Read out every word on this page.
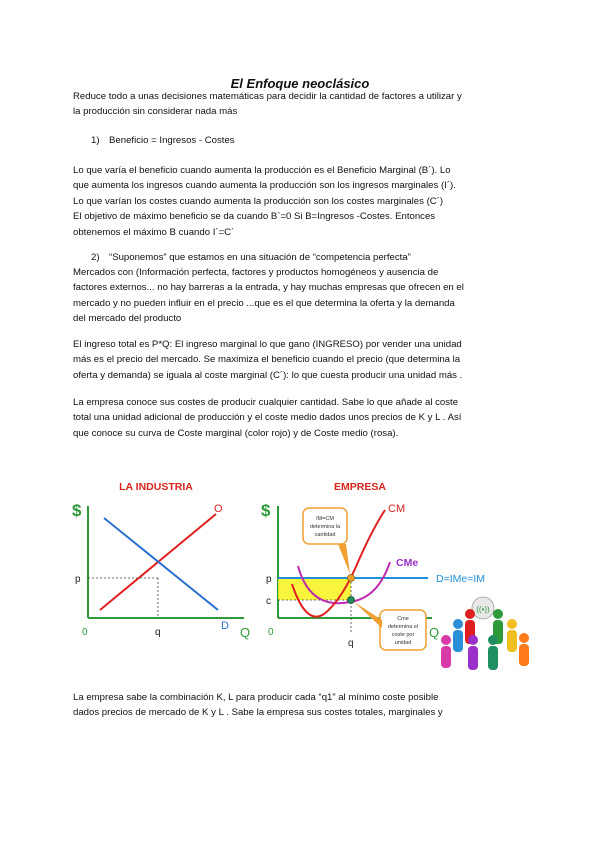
El Enfoque neoclásico

Reduce todo a unas decisiones matemáticas para decidir la cantidad de factores a utilizar y
la producción sin considerar nada más

1) Beneficio = Ingresos - Costes

Lo que varía el beneficio cuando aumenta la producción es el Beneficio Marginal (B´). Lo
que aumenta los ingresos cuando aumenta la producción son los ingresos marginales (I´).
Lo que varían los costes cuando aumenta la producción son los costes marginales (C´)
El objetivo de máximo beneficio se da cuando B`=0 Si B=Ingresos -Costes. Entonces
obtenemos el máximo B cuando I´=C´

2) “Suponemos” que estamos en una situación de “competencia perfecta”

Mercados con (Información perfecta, factores y productos homogéneos y ausencia de
factores externos... no hay barreras a la entrada, y hay muchas empresas que ofrecen en el
mercado y no pueden influir en el precio ...que es el que determina la oferta y la demanda
del mercado del producto

El ingreso total es P*Q: El ingreso marginal lo que gano (INGRESO) por vender una unidad
más es el precio del mercado. Se maximiza el beneficio cuando el precio (que determina la
oferta y demanda) se iguala al coste marginal (C´): lo que cuesta producir una unidad más .

La empresa conoce sus costes de producir cualquier cantidad. Sabe lo que añade al coste
total una unidad adicional de producción y el coste medio dados unos precios de K y L . Así
que conoce su curva de Coste marginal (color rojo) y de Coste medio (rosa).

LA INDUSTRIA
$	O
D
p
q
0	Q
EMPRESA
$	IM=CM
determina la
cantidad
Cme
determina el
coste por
unidad
CM
CMe
D=IMe=IM
p
c
q
0	Q
((•))

La empresa sabe la combinación K, L para producir cada “q1” al mínimo coste posible
dados precios de mercado de K y L . Sabe la empresa sus costes totales, marginales y
